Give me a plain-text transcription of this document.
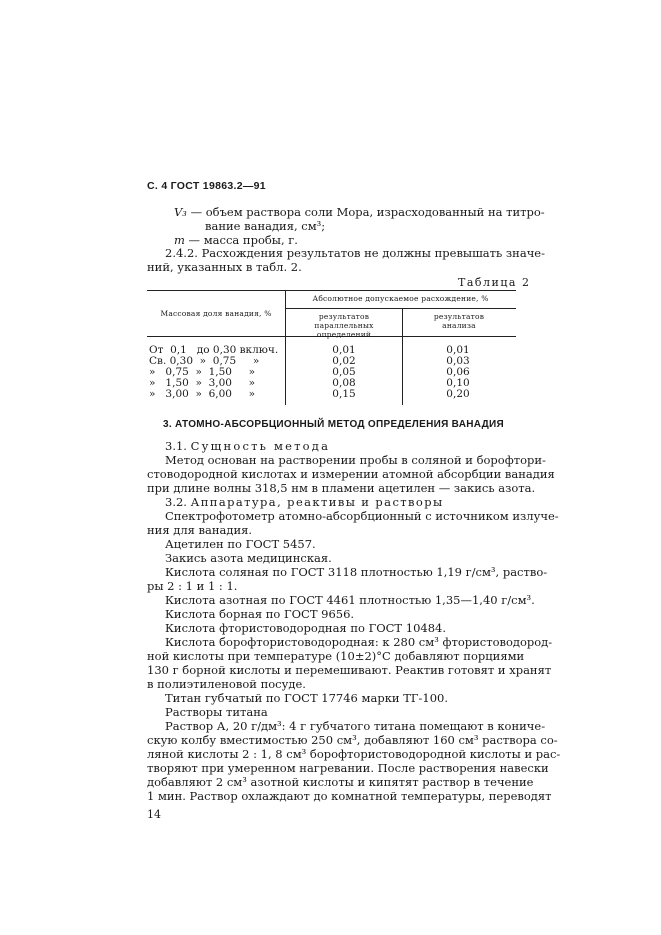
С. 4 ГОСТ 19863.2—91
V₃ — объем раствора соли Мора, израсходованный на титро-
вание ванадия, см³;
m — масса пробы, г.
2.4.2. Расхождения результатов не должны превышать значе-
ний, указанных в табл. 2.
Таблица 2
Массовая доля ванадия, %
Абсолютное допускаемое расхождение, %
результатов параллельных
определений
результатов
анализа
От  0,1   до 0,30 включ.	0,01	0,01
Св. 0,30  »  0,75     »	0,02	0,03
»   0,75  »  1,50     »	0,05	0,06
»   1,50  »  3,00     »	0,08	0,10
»   3,00  »  6,00     »	0,15	0,20
3. АТОМНО-АБСОРБЦИОННЫЙ МЕТОД ОПРЕДЕЛЕНИЯ ВАНАДИЯ
3.1. Сущность метода
Метод основан на растворении пробы в соляной и борофтори-
стоводородной кислотах и измерении атомной абсорбции ванадия
при длине волны 318,5 нм в пламени ацетилен — закись азота.
3.2. Аппаратура, реактивы и растворы
Спектрофотометр атомно-абсорбционный с источником излуче-
ния для ванадия.
Ацетилен по ГОСТ 5457.
Закись азота медицинская.
Кислота соляная по ГОСТ 3118 плотностью 1,19 г/см³, раство-
ры 2 : 1 и 1 : 1.
Кислота азотная по ГОСТ 4461 плотностью 1,35—1,40 г/см³.
Кислота борная по ГОСТ 9656.
Кислота фтористоводородная по ГОСТ 10484.
Кислота борофтористоводородная: к 280 см³ фтористоводород-
ной кислоты при температуре (10±2)°С добавляют порциями
130 г борной кислоты и перемешивают. Реактив готовят и хранят
в полиэтиленовой посуде.
Титан губчатый по ГОСТ 17746 марки ТГ-100.
Растворы титана
Раствор А, 20 г/дм³: 4 г губчатого титана помещают в кониче-
скую колбу вместимостью 250 см³, добавляют 160 см³ раствора со-
ляной кислоты 2 : 1, 8 см³ борофтористоводородной кислоты и рас-
творяют при умеренном нагревании. После растворения навески
добавляют 2 см³ азотной кислоты и кипятят раствор в течение
1 мин. Раствор охлаждают до комнатной температуры, переводят
14
